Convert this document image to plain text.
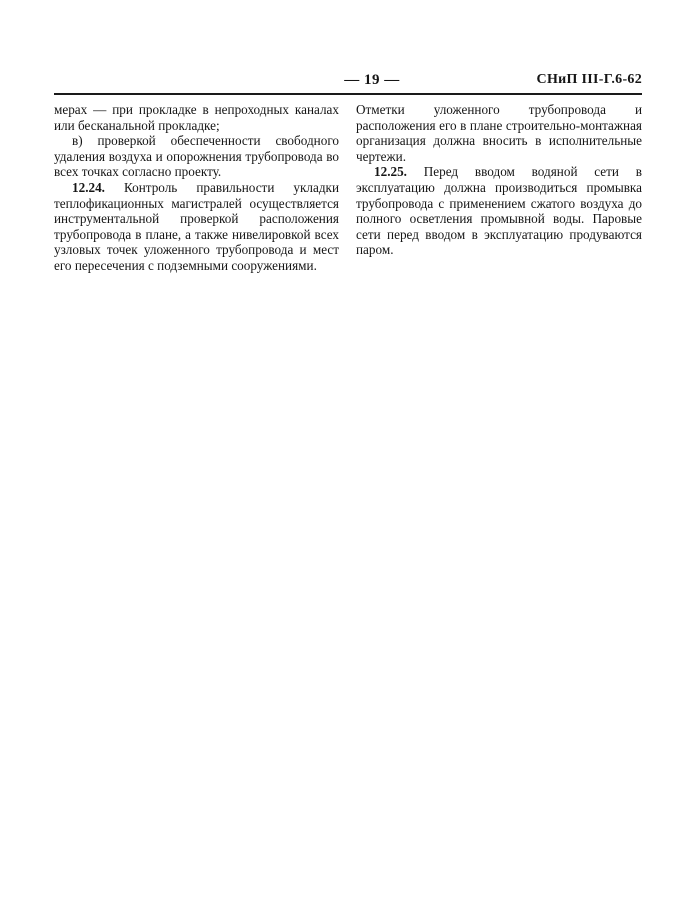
— 19 —	СНиП III-Г.6-62

мерах — при прокладке в непроходных каналах или бесканальной прокладке;

в) проверкой обеспеченности свободного удаления воздуха и опорожнения трубопровода во всех точках согласно проекту.

12.24. Контроль правильности укладки теплофикационных магистралей осуществляется инструментальной проверкой расположения трубопровода в плане, а также нивелировкой всех узловых точек уложенного трубопровода и мест его пересечения с подземными сооружениями.

Отметки уложенного трубопровода и расположения его в плане строительно-монтажная организация должна вносить в исполнительные чертежи.

12.25. Перед вводом водяной сети в эксплуатацию должна производиться промывка трубопровода с применением сжатого воздуха до полного осветления промывной воды. Паровые сети перед вводом в эксплуатацию продуваются паром.
